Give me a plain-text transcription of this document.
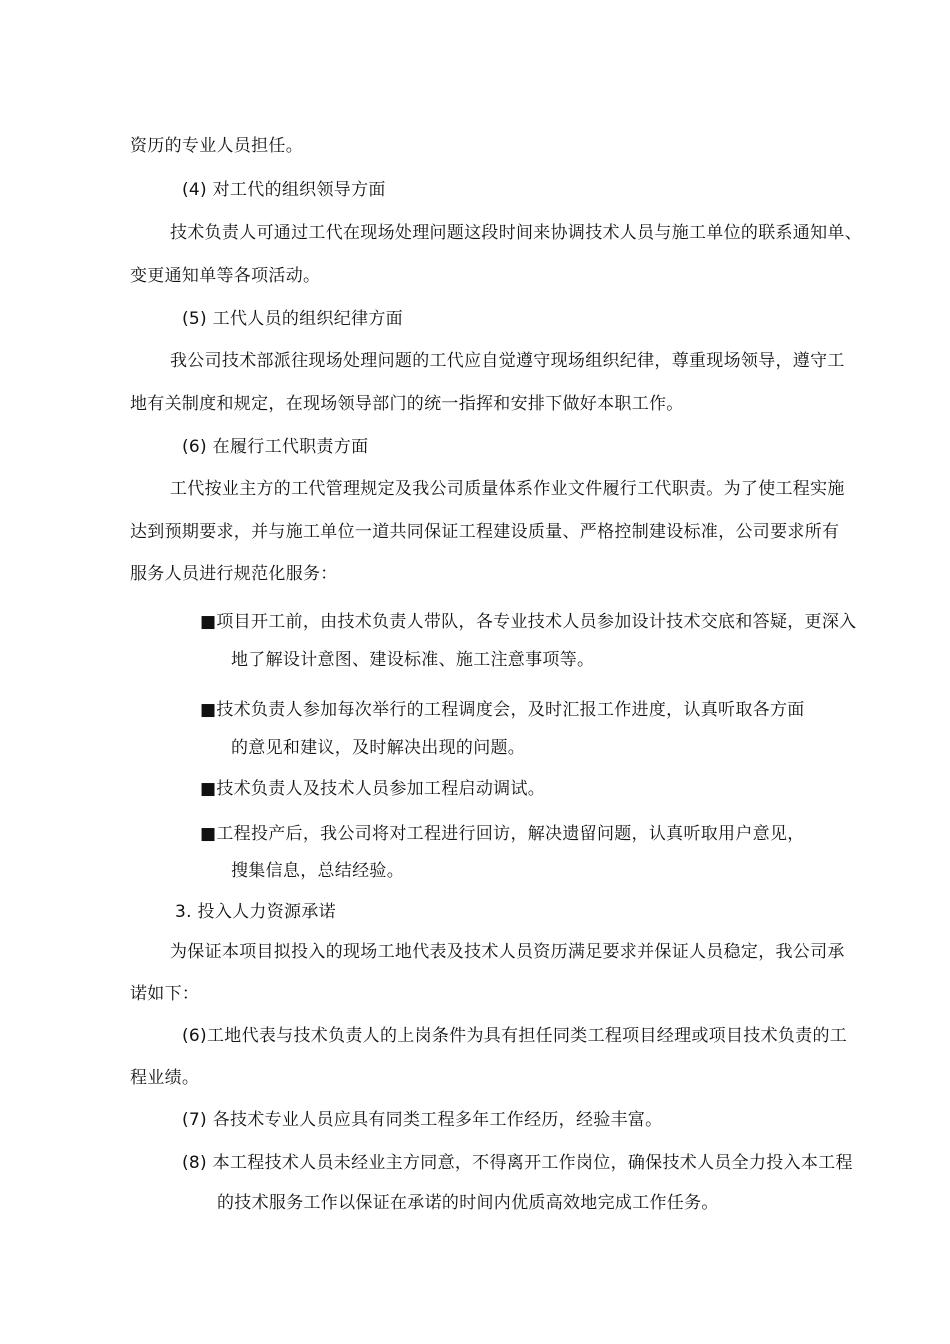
资历的专业人员担任。
(4) 对工代的组织领导方面
技术负责人可通过工代在现场处理问题这段时间来协调技术人员与施工单位的联系通知单、
变更通知单等各项活动。
(5) 工代人员的组织纪律方面
我公司技术部派往现场处理问题的工代应自觉遵守现场组织纪律，尊重现场领导，遵守工
地有关制度和规定，在现场领导部门的统一指挥和安排下做好本职工作。
(6) 在履行工代职责方面
工代按业主方的工代管理规定及我公司质量体系作业文件履行工代职责。为了使工程实施
达到预期要求，并与施工单位一道共同保证工程建设质量、严格控制建设标准，公司要求所有
服务人员进行规范化服务：
■项目开工前，由技术负责人带队，各专业技术人员参加设计技术交底和答疑，更深入
地了解设计意图、建设标准、施工注意事项等。
■技术负责人参加每次举行的工程调度会，及时汇报工作进度，认真听取各方面
的意见和建议，及时解决出现的问题。
■技术负责人及技术人员参加工程启动调试。
■工程投产后，我公司将对工程进行回访，解决遗留问题，认真听取用户意见，
搜集信息，总结经验。
3. 投入人力资源承诺
为保证本项目拟投入的现场工地代表及技术人员资历满足要求并保证人员稳定，我公司承
诺如下：
(6)工地代表与技术负责人的上岗条件为具有担任同类工程项目经理或项目技术负责的工
程业绩。
(7) 各技术专业人员应具有同类工程多年工作经历，经验丰富。
(8) 本工程技术人员未经业主方同意，不得离开工作岗位，确保技术人员全力投入本工程
的技术服务工作以保证在承诺的时间内优质高效地完成工作任务。
